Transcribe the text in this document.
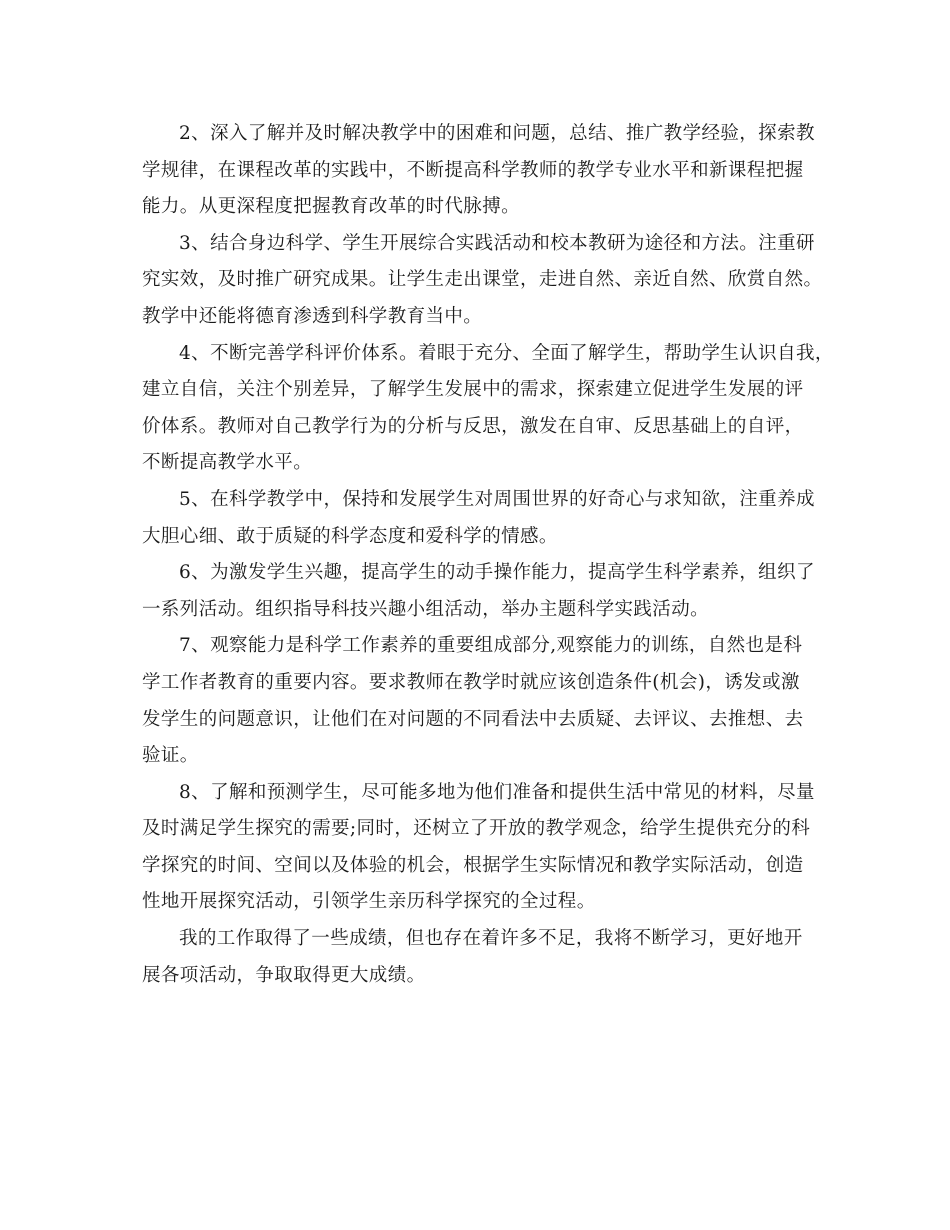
2、深入了解并及时解决教学中的困难和问题，总结、推广教学经验，探索教
学规律，在课程改革的实践中，不断提高科学教师的教学专业水平和新课程把握
能力。从更深程度把握教育改革的时代脉搏。

3、结合身边科学、学生开展综合实践活动和校本教研为途径和方法。注重研
究实效，及时推广研究成果。让学生走出课堂，走进自然、亲近自然、欣赏自然。
教学中还能将德育渗透到科学教育当中。

4、不断完善学科评价体系。着眼于充分、全面了解学生，帮助学生认识自我，
建立自信，关注个别差异，了解学生发展中的需求，探索建立促进学生发展的评
价体系。教师对自己教学行为的分析与反思，激发在自审、反思基础上的自评，
不断提高教学水平。

5、在科学教学中，保持和发展学生对周围世界的好奇心与求知欲，注重养成
大胆心细、敢于质疑的科学态度和爱科学的情感。

6、为激发学生兴趣，提高学生的动手操作能力，提高学生科学素养，组织了
一系列活动。组织指导科技兴趣小组活动，举办主题科学实践活动。

7、观察能力是科学工作素养的重要组成部分,观察能力的训练，自然也是科
学工作者教育的重要内容。要求教师在教学时就应该创造条件(机会)，诱发或激
发学生的问题意识，让他们在对问题的不同看法中去质疑、去评议、去推想、去
验证。

8、了解和预测学生，尽可能多地为他们准备和提供生活中常见的材料，尽量
及时满足学生探究的需要;同时，还树立了开放的教学观念，给学生提供充分的科
学探究的时间、空间以及体验的机会，根据学生实际情况和教学实际活动，创造
性地开展探究活动，引领学生亲历科学探究的全过程。

我的工作取得了一些成绩，但也存在着许多不足，我将不断学习，更好地开
展各项活动，争取取得更大成绩。
